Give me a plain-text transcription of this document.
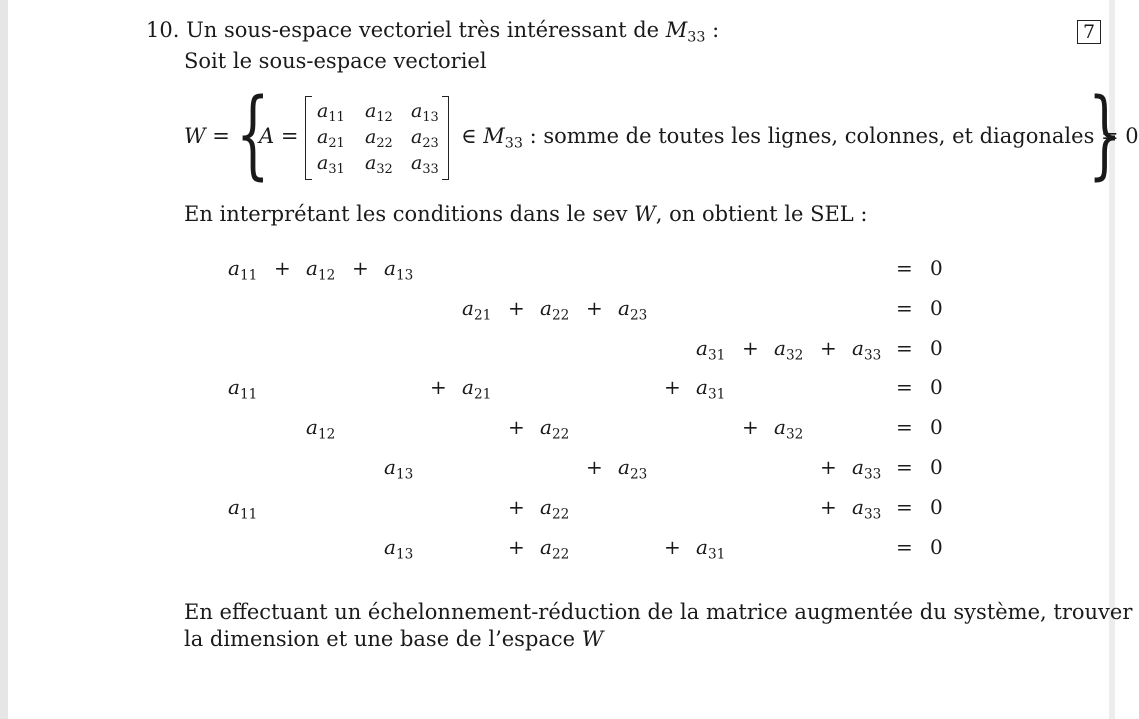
10. Un sous-espace vectoriel très intéressant de $M_{33}$ :	7
Soit le sous-espace vectoriel
W = {
A =
$a_{11}$ $a_{12}$ $a_{13}$
$a_{21}$ $a_{22}$ $a_{23}$
$a_{31}$ $a_{32}$ $a_{33}$
∈ $M_{33}$ : somme de toutes les lignes, colonnes, et diagonales = 0
}
En interprétant les conditions dans le sev W, on obtient le SEL :
$a_{11} + a_{12} + a_{13}$	= 0
$a_{21} + a_{22} + a_{23}$	= 0
$a_{31} + a_{32} + a_{33} = 0$
$a_{11}$	+ $a_{21}$	+ $a_{31}$	= 0
$a_{12}$	+ $a_{22}$	+ $a_{32}$	= 0
$a_{13}$	+ $a_{23}$	+ $a_{33} = 0$
$a_{11}$	+ $a_{22}$	+ $a_{33} = 0$
$a_{13}$	+ $a_{22}$	+ $a_{31}$	= 0
En effectuant un échelonnement-réduction de la matrice augmentée du système, trouver
la dimension et une base de l’espace W
